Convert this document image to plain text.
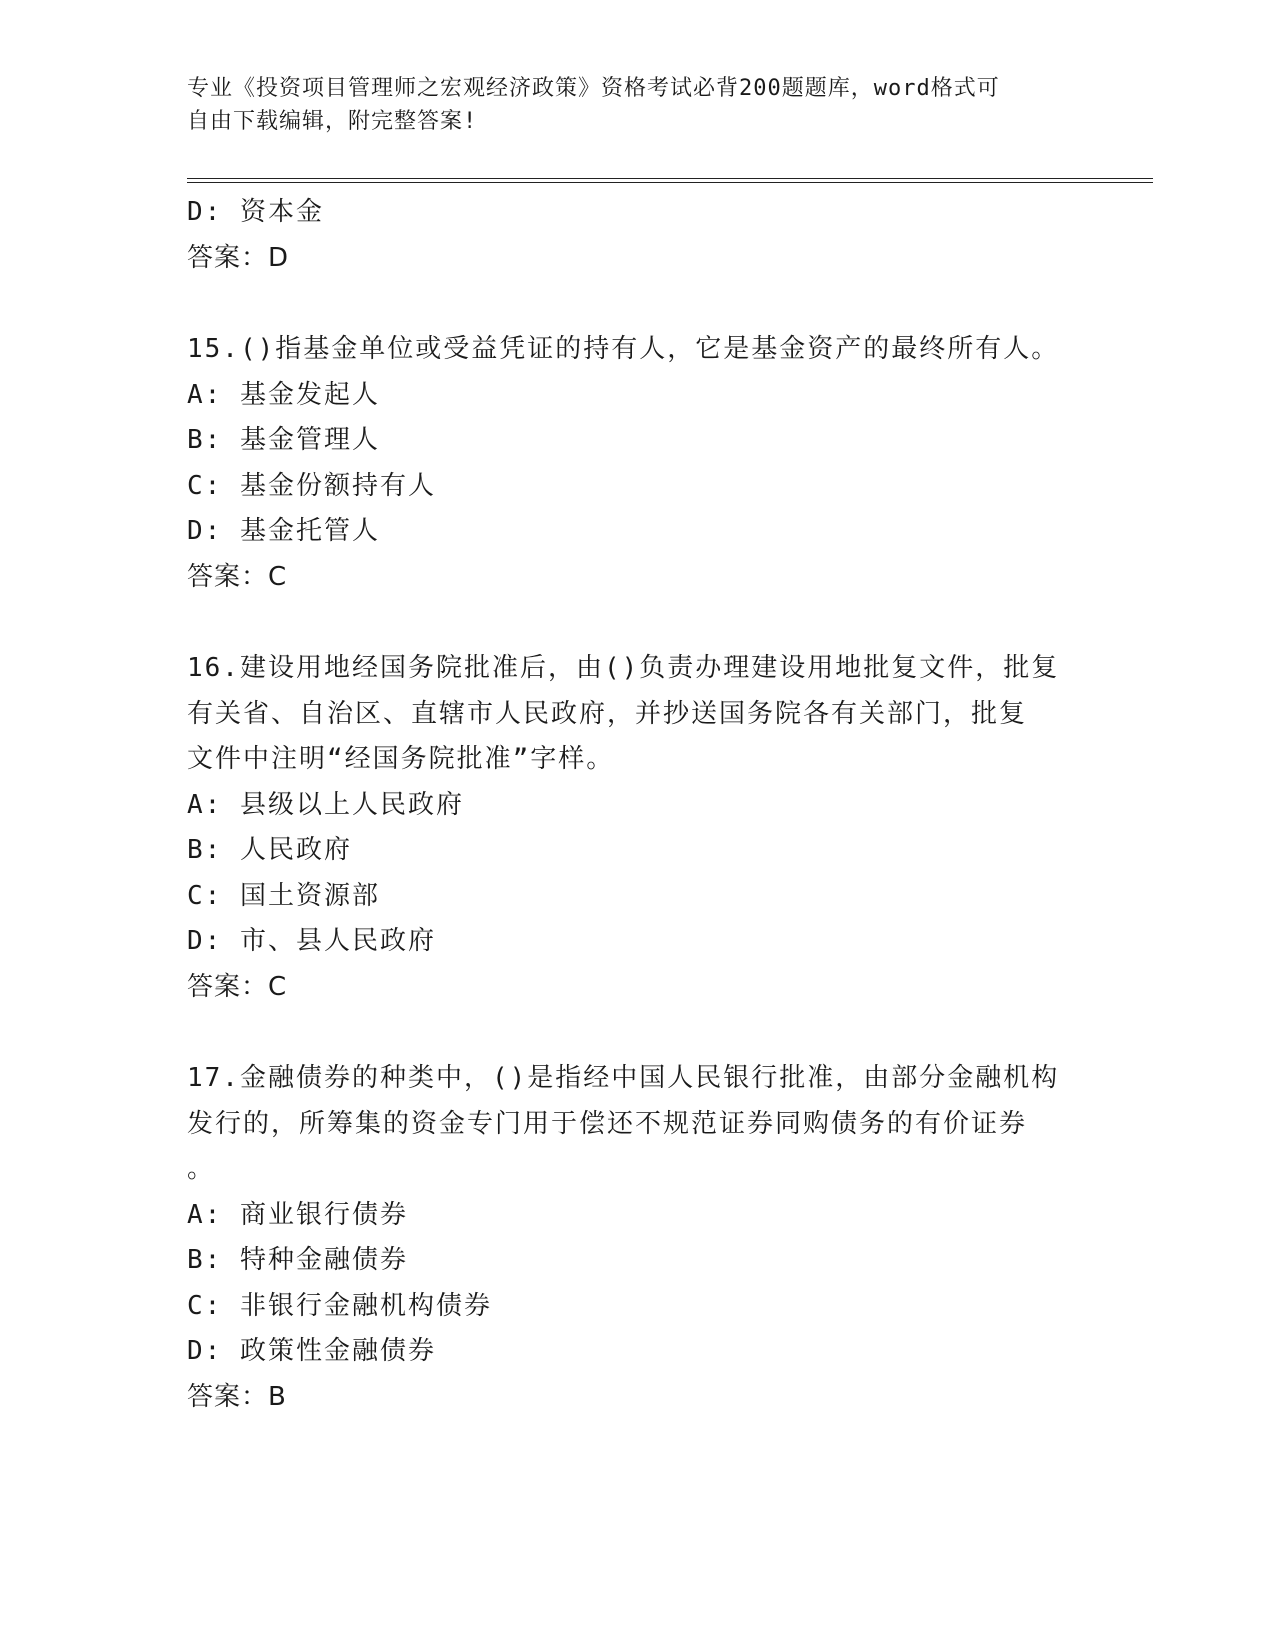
专业《投资项目管理师之宏观经济政策》资格考试必背200题题库，word格式可
自由下载编辑，附完整答案!
D: 资本金
答案：D
15.()指基金单位或受益凭证的持有人，它是基金资产的最终所有人。
A: 基金发起人
B: 基金管理人
C: 基金份额持有人
D: 基金托管人
答案：C
16.建设用地经国务院批准后，由()负责办理建设用地批复文件，批复
有关省、自治区、直辖市人民政府，并抄送国务院各有关部门，批复
文件中注明“经国务院批准”字样。
A: 县级以上人民政府
B: 人民政府
C: 国土资源部
D: 市、县人民政府
答案：C
17.金融债券的种类中，()是指经中国人民银行批准，由部分金融机构
发行的，所筹集的资金专门用于偿还不规范证券同购债务的有价证券
。
A: 商业银行债券
B: 特种金融债券
C: 非银行金融机构债券
D: 政策性金融债券
答案：B
